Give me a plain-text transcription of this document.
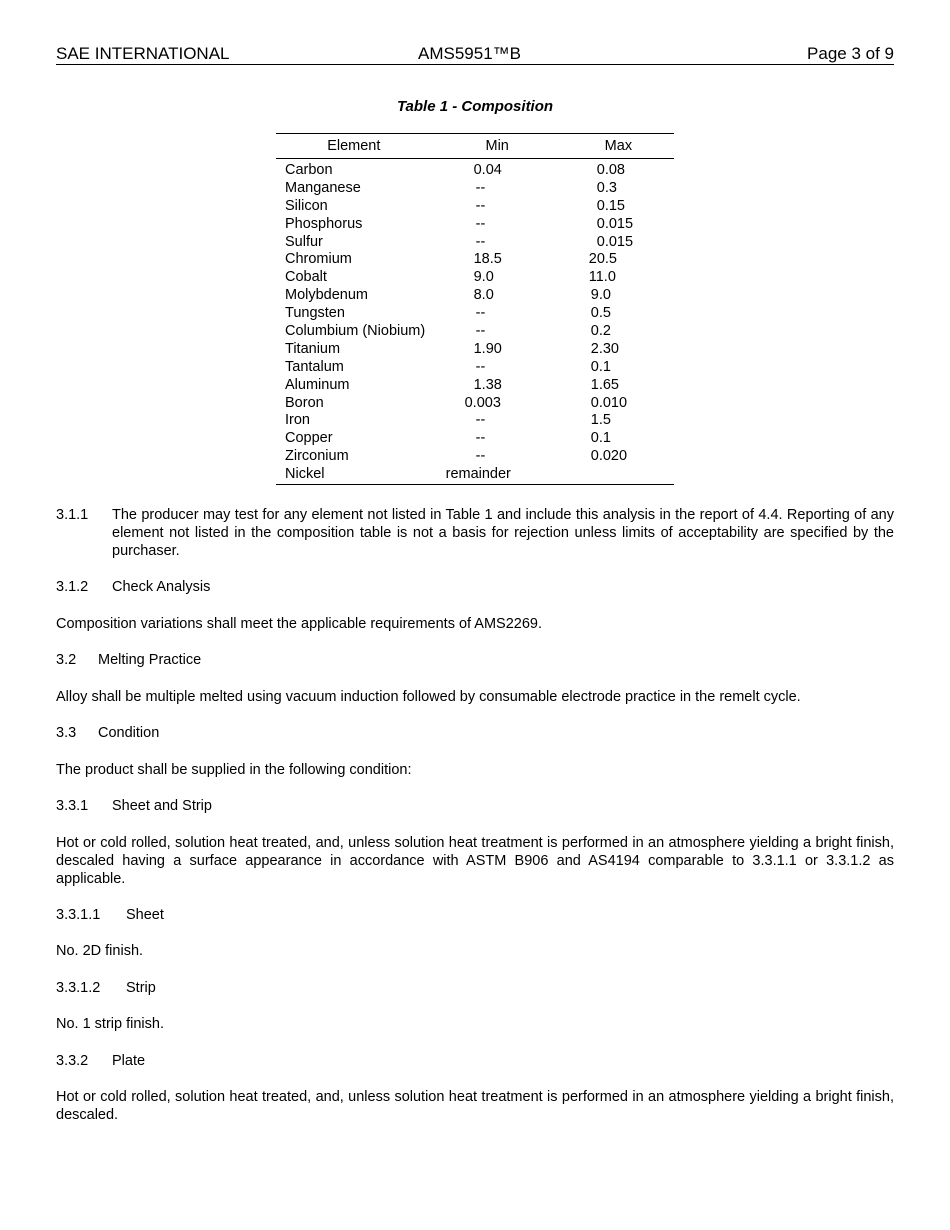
SAE INTERNATIONAL	AMS5951™B	Page 3 of 9
Table 1 - Composition
Element	Min	Max
Carbon	0.04	0.08
Manganese	--	0.3
Silicon	--	0.15
Phosphorus	--	0.015
Sulfur	--	0.015
Chromium	18.5	20.5
Cobalt	9.0	11.0
Molybdenum	8.0	9.0
Tungsten	--	0.5
Columbium (Niobium)	--	0.2
Titanium	1.90	2.30
Tantalum	--	0.1
Aluminum	1.38	1.65
Boron	0.003	0.010
Iron	--	1.5
Copper	--	0.1
Zirconium	--	0.020
Nickel	remainder	
3.1.1 The producer may test for any element not listed in Table 1 and include this analysis in the report of 4.4. Reporting of any element not listed in the composition table is not a basis for rejection unless limits of acceptability are specified by the purchaser.
3.1.2 Check Analysis

Composition variations shall meet the applicable requirements of AMS2269.

3.2 Melting Practice

Alloy shall be multiple melted using vacuum induction followed by consumable electrode practice in the remelt cycle.

3.3 Condition

The product shall be supplied in the following condition:

3.3.1 Sheet and Strip

Hot or cold rolled, solution heat treated, and, unless solution heat treatment is performed in an atmosphere yielding a bright finish, descaled having a surface appearance in accordance with ASTM B906 and AS4194 comparable to 3.3.1.1 or 3.3.1.2 as applicable.

3.3.1.1 Sheet

No. 2D finish.

3.3.1.2 Strip

No. 1 strip finish.

3.3.2 Plate

Hot or cold rolled, solution heat treated, and, unless solution heat treatment is performed in an atmosphere yielding a bright finish, descaled.
